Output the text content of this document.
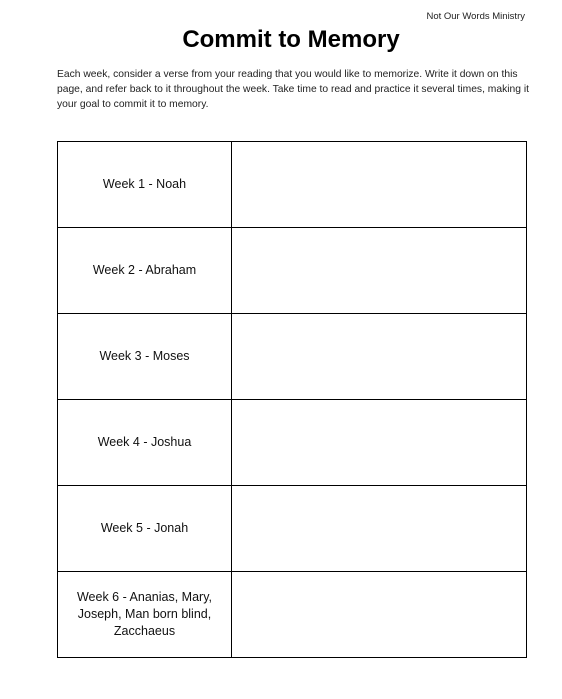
Not Our Words Ministry
Commit to Memory

Each week, consider a verse from your reading that you would like to memorize. Write it down on this page, and refer back to it throughout the week. Take time to read and practice it several times, making it your goal to commit it to memory.

Week 1 - Noah	
Week 2 - Abraham	
Week 3 - Moses	
Week 4 - Joshua	
Week 5 - Jonah	
Week 6 - Ananias, Mary, Joseph, Man born blind, Zacchaeus	
